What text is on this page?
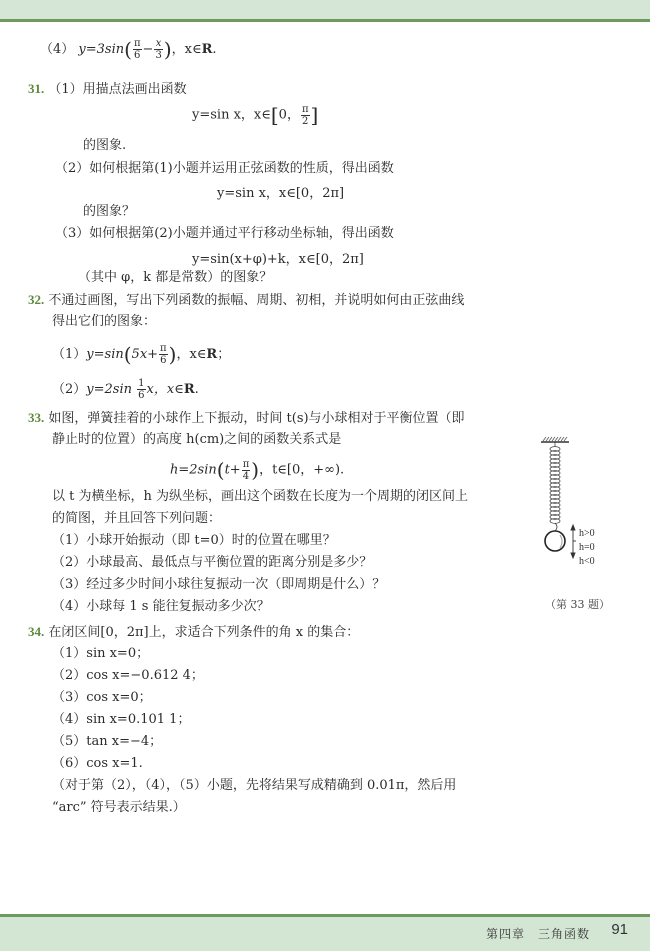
（4） $y=3\sin( \frac{\pi}{6} - \frac{x}{3}$ )，x∈R.
31. （1）用描点法画出函数
y=sin x，x∈[0， $\frac{\pi}{2}$ ]
的图象.
（2）如何根据第(1)小题并运用正弦函数的性质，得出函数
y=sin x，x∈[0，2π]
的图象？
（3）如何根据第(2)小题并通过平行移动坐标轴，得出函数
y=sin(x+φ)+k，x∈[0，2π]
（其中 φ，k 都是常数）的图象？
32. 不通过画图，写出下列函数的振幅、周期、初相，并说明如何由正弦曲线
得出它们的图象：
$(1)y=\sin(5x+ \frac{\pi}{6}$ )，x∈R；
$(2)y=2\sin \frac{1}{6}$ x，x∈R.
33. 如图，弹簧挂着的小球作上下振动，时间 t(s)与小球相对于平衡位置（即
静止时的位置）的高度 h(cm)之间的函数关系式是
$h=2\sin(t+ \frac{\pi}{4}$ )，t∈[0，+∞).
以 t 为横坐标，h 为纵坐标，画出这个函数在长度为一个周期的闭区间上
的简图，并且回答下列问题：
（1）小球开始振动（即 t=0）时的位置在哪里？
（2）小球最高、最低点与平衡位置的距离分别是多少？
（3）经过多少时间小球往复振动一次（即周期是什么）？
（4）小球每 1 s 能往复振动多少次？
h>0
h=0
h<0
（第 33 题）
34. 在闭区间[0，2π]上，求适合下列条件的角 x 的集合：
（1）sin x=0；
（2）cos x=−0.612 4；
（3）cos x=0；
（4）sin x=0.101 1；
（5）tan x=−4；
（6）cos x=1.
（对于第（2），（4），（5）小题，先将结果写成精确到 0.01π，然后用
“arc” 符号表示结果.）
第四章　三角函数 91
